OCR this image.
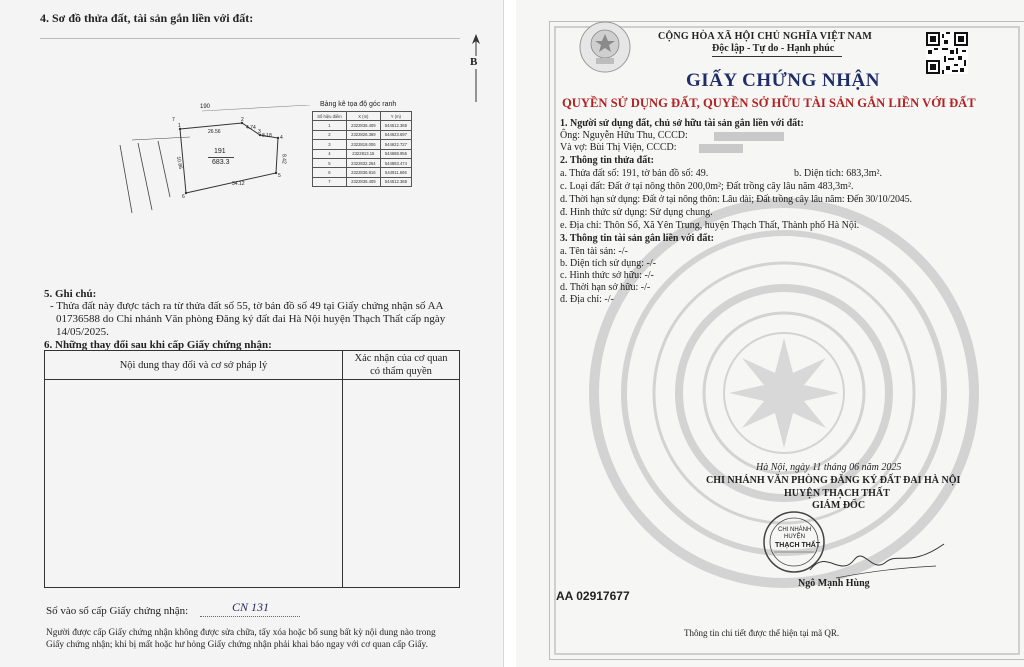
4. Sơ đồ thửa đất, tài sản gắn liền với đất:
B
190
26.56
10.86
4.74
8.18
8.42
34.12
191
683.3
1
2
3
4
5
6
7
Bảng kê tọa độ góc ranh
Số hiệu điểm	X (m)	Y (m)
1	2322836.409	544512.368
2	2322826.369	544623.697
3	2322818.006	544622.727
4	2322813.15	544688.955
5	2322832.264	544883.474
6	2322836.816	544911.666
7	2322836.409	544512.368
5. Ghi chú:
- Thửa đất này được tách ra từ thửa đất số 55, tờ bản đồ số 49 tại Giấy chứng nhận số AA
01736588 do Chi nhánh Văn phòng Đăng ký đất đai Hà Nội huyện Thạch Thất cấp ngày
14/05/2025.
6. Những thay đổi sau khi cấp Giấy chứng nhận:
Nội dung thay đổi và cơ sở pháp lý	Xác nhận của cơ quan
có thẩm quyền

Số vào sổ cấp Giấy chứng nhận:	CN 131
Người được cấp Giấy chứng nhận không được sửa chữa, tẩy xóa hoặc bổ sung bất kỳ nội dung nào trong
Giấy chứng nhận; khi bị mất hoặc hư hỏng Giấy chứng nhận phải khai báo ngay với cơ quan cấp Giấy.
CỘNG HÒA XÃ HỘI CHỦ NGHĨA VIỆT NAM
Độc lập - Tự do - Hạnh phúc
GIẤY CHỨNG NHẬN
QUYỀN SỬ DỤNG ĐẤT, QUYỀN SỞ HỮU TÀI SẢN GẮN LIỀN VỚI ĐẤT
1. Người sử dụng đất, chủ sở hữu tài sản gắn liền với đất:
Ông: Nguyễn Hữu Thu, CCCD:
Và vợ: Bùi Thị Viện, CCCD:
2. Thông tin thửa đất:
a. Thửa đất số: 191, tờ bản đồ số: 49.	b. Diện tích: 683,3m².
c. Loại đất: Đất ở tại nông thôn 200,0m²; Đất trồng cây lâu năm 483,3m².
d. Thời hạn sử dụng: Đất ở tại nông thôn: Lâu dài; Đất trồng cây lâu năm: Đến 30/10/2045.
đ. Hình thức sử dụng: Sử dụng chung.
e. Địa chỉ: Thôn Sổ, Xã Yên Trung, huyện Thạch Thất, Thành phố Hà Nội.
3. Thông tin tài sản gắn liền với đất:
a. Tên tài sản: -/-
b. Diện tích sử dụng: -/-
c. Hình thức sở hữu: -/-
d. Thời hạn sở hữu: -/-
đ. Địa chỉ: -/-
Hà Nội, ngày 11 tháng 06 năm 2025
CHI NHÁNH VĂN PHÒNG ĐĂNG KÝ ĐẤT ĐAI HÀ NỘI
HUYỆN THẠCH THẤT
GIÁM ĐỐC
CHI NHÁNH
HUYỆN
THẠCH THẤT
Ngô Mạnh Hùng
AA 02917677
Thông tin chi tiết được thể hiện tại mã QR.
